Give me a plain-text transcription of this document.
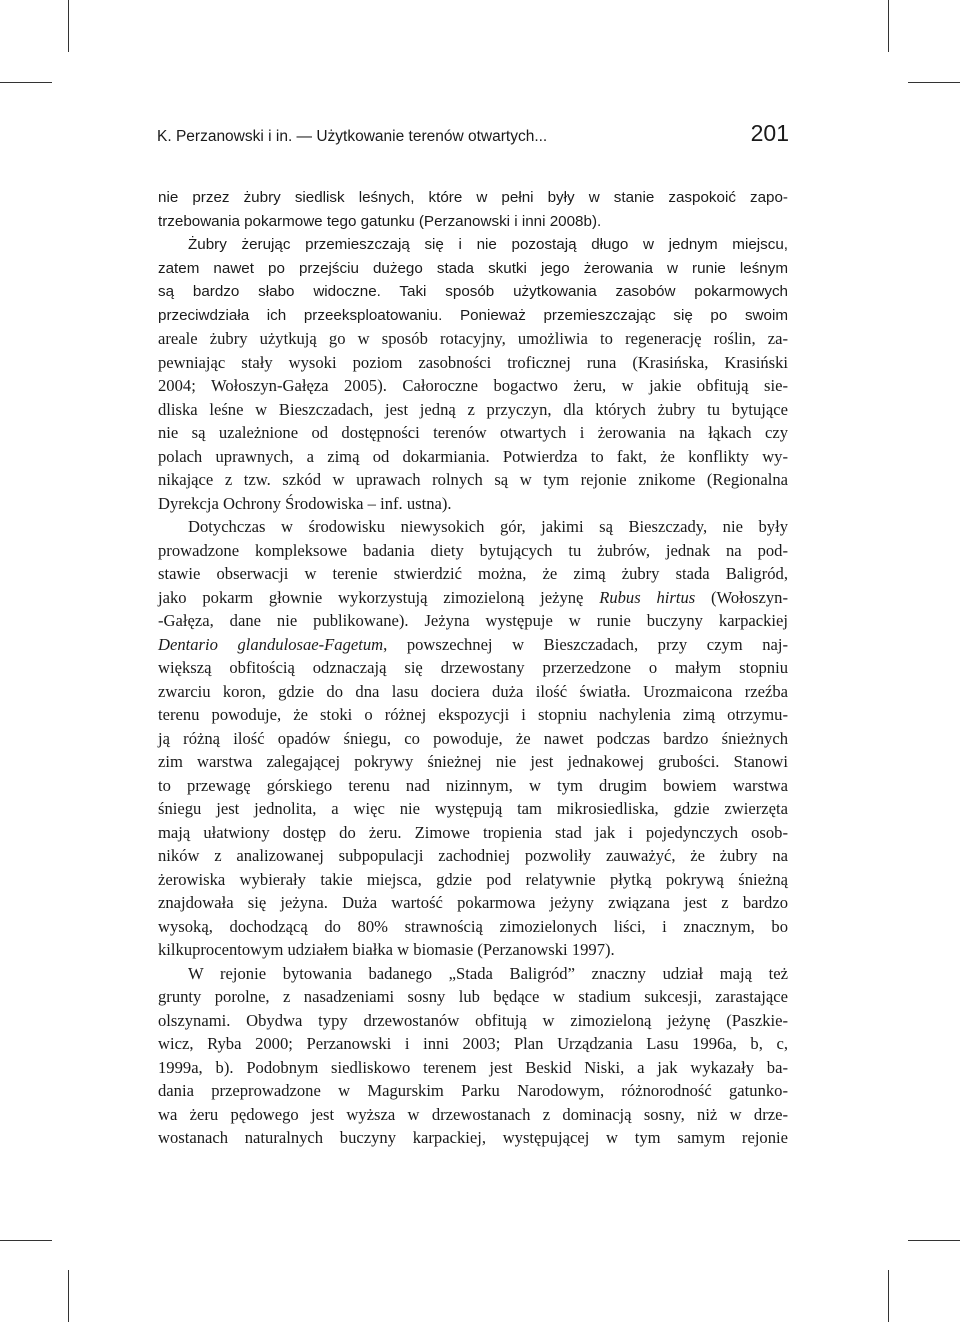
K. Perzanowski i in. — Użytkowanie terenów otwartych...	201
nie przez żubry siedlisk leśnych, które w pełni były w stanie zaspokoić zapo-
trzebowania pokarmowe tego gatunku (Perzanowski i inni 2008b).
Żubry żerując przemieszczają się i nie pozostają długo w jednym miejscu,
zatem nawet po przejściu dużego stada skutki jego żerowania w runie leśnym
są bardzo słabo widoczne. Taki sposób użytkowania zasobów pokarmowych
przeciwdziała ich przeeksploatowaniu. Ponieważ przemieszczając się po swoim
areale żubry użytkują go w sposób rotacyjny, umożliwia to regenerację roślin, za-
pewniając stały wysoki poziom zasobności troficznej runa (Krasińska, Krasiński
2004; Wołoszyn-Gałęza 2005). Całoroczne bogactwo żeru, w jakie obfitują sie-
dliska leśne w Bieszczadach, jest jedną z przyczyn, dla których żubry tu bytujące
nie są uzależnione od dostępności terenów otwartych i żerowania na łąkach czy
polach uprawnych, a zimą od dokarmiania. Potwierdza to fakt, że konflikty wy-
nikające z tzw. szkód w uprawach rolnych są w tym rejonie znikome (Regionalna
Dyrekcja Ochrony Środowiska – inf. ustna).
Dotychczas w środowisku niewysokich gór, jakimi są Bieszczady, nie były
prowadzone kompleksowe badania diety bytujących tu żubrów, jednak na pod-
stawie obserwacji w terenie stwierdzić można, że zimą żubry stada Baligród,
jako pokarm głownie wykorzystują zimozieloną jeżynę Rubus hirtus (Wołoszyn-
-Gałęza, dane nie publikowane). Jeżyna występuje w runie buczyny karpackiej
Dentario glandulosae-Fagetum, powszechnej w Bieszczadach, przy czym naj-
większą obfitością odznaczają się drzewostany przerzedzone o małym stopniu
zwarciu koron, gdzie do dna lasu dociera duża ilość światła. Urozmaicona rzeźba
terenu powoduje, że stoki o różnej ekspozycji i stopniu nachylenia zimą otrzymu-
ją różną ilość opadów śniegu, co powoduje, że nawet podczas bardzo śnieżnych
zim warstwa zalegającej pokrywy śnieżnej nie jest jednakowej grubości. Stanowi
to przewagę górskiego terenu nad nizinnym, w tym drugim bowiem warstwa
śniegu jest jednolita, a więc nie występują tam mikrosiedliska, gdzie zwierzęta
mają ułatwiony dostęp do żeru. Zimowe tropienia stad jak i pojedynczych osob-
ników z analizowanej subpopulacji zachodniej pozwoliły zauważyć, że żubry na
żerowiska wybierały takie miejsca, gdzie pod relatywnie płytką pokrywą śnieżną
znajdowała się jeżyna. Duża wartość pokarmowa jeżyny związana jest z bardzo
wysoką, dochodzącą do 80% strawnością zimozielonych liści, i znacznym, bo
kilkuprocentowym udziałem białka w biomasie (Perzanowski 1997).
W rejonie bytowania badanego „Stada Baligród” znaczny udział mają też
grunty porolne, z nasadzeniami sosny lub będące w stadium sukcesji, zarastające
olszynami. Obydwa typy drzewostanów obfitują w zimozieloną jeżynę (Paszkie-
wicz, Ryba 2000; Perzanowski i inni 2003; Plan Urządzania Lasu 1996a, b, c,
1999a, b). Podobnym siedliskowo terenem jest Beskid Niski, a jak wykazały ba-
dania przeprowadzone w Magurskim Parku Narodowym, różnorodność gatunko-
wa żeru pędowego jest wyższa w drzewostanach z dominacją sosny, niż w drze-
wostanach naturalnych buczyny karpackiej, występującej w tym samym rejonie
